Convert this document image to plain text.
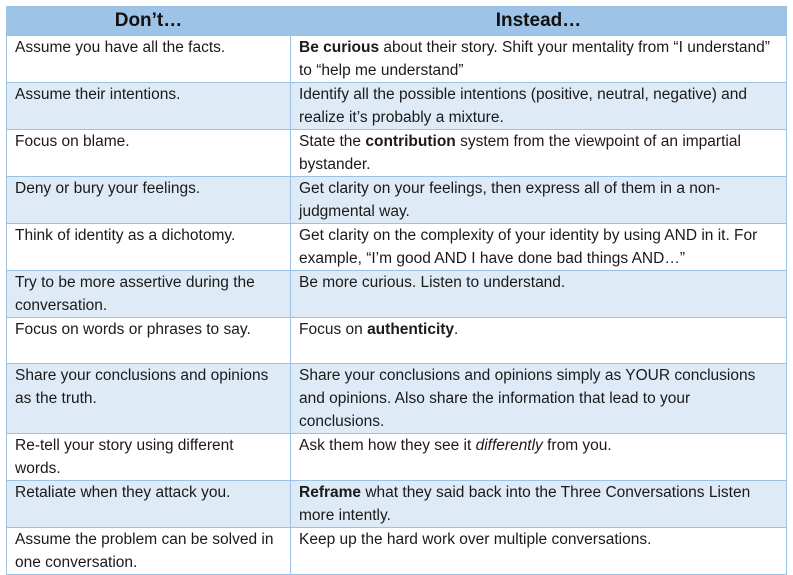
Don’t…	Instead…
Assume you have all the facts.	Be curious about their story. Shift your mentality from “I understand” to “help me understand”
Assume their intentions.	Identify all the possible intentions (positive, neutral, negative) and realize it’s probably a mixture.
Focus on blame.	State the contribution system from the viewpoint of an impartial bystander.
Deny or bury your feelings.	Get clarity on your feelings, then express all of them in a non-judgmental way.
Think of identity as a dichotomy.	Get clarity on the complexity of your identity by using AND in it. For example, “I’m good AND I have done bad things AND…”
Try to be more assertive during the conversation.	Be more curious. Listen to understand.
Focus on words or phrases to say.	Focus on authenticity.
Share your conclusions and opinions as the truth.	Share your conclusions and opinions simply as YOUR conclusions and opinions. Also share the information that lead to your conclusions.
Re-tell your story using different words.	Ask them how they see it differently from you.
Retaliate when they attack you.	Reframe what they said back into the Three Conversations Listen more intently.
Assume the problem can be solved in one conversation.	Keep up the hard work over multiple conversations.
